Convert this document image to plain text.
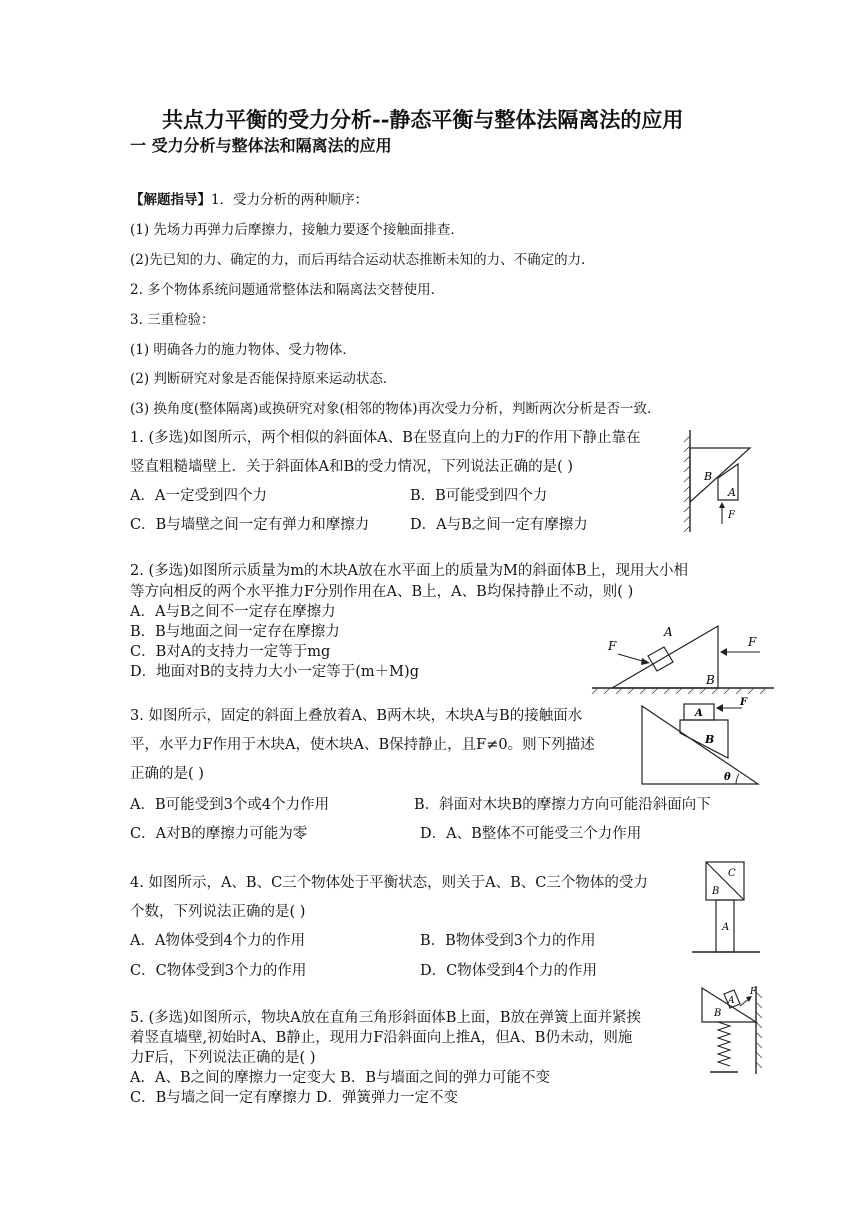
共点力平衡的受力分析--静态平衡与整体法隔离法的应用
一 受力分析与整体法和隔离法的应用
【解题指导】1．受力分析的两种顺序：
(1) 先场力再弹力后摩擦力，接触力要逐个接触面排查．
(2)先已知的力、确定的力，而后再结合运动状态推断未知的力、不确定的力．
2. 多个物体系统问题通常整体法和隔离法交替使用．
3. 三重检验：
(1) 明确各力的施力物体、受力物体．
(2) 判断研究对象是否能保持原来运动状态．
(3) 换角度(整体隔离)或换研究对象(相邻的物体)再次受力分析，判断两次分析是否一致．
1. (多选)如图所示，两个相似的斜面体A、B在竖直向上的力F的作用下静止靠在
竖直粗糙墙壁上．关于斜面体A和B的受力情况，下列说法正确的是( )
A．A一定受到四个力	B．B可能受到四个力
C．B与墙壁之间一定有弹力和摩擦力	D．A与B之间一定有摩擦力
B
A
F
2. (多选)如图所示质量为m的木块A放在水平面上的质量为M的斜面体B上，现用大小相
等方向相反的两个水平推力F分别作用在A、B上，A、B均保持静止不动，则( )
A．A与B之间不一定存在摩擦力
B．B与地面之间一定存在摩擦力
C．B对A的支持力一定等于mg
D．地面对B的支持力大小一定等于(m＋M)g
F
A
F
B
3. 如图所示，固定的斜面上叠放着A、B两木块，木块A与B的接触面水
平，水平力F作用于木块A，使木块A、B保持静止，且F≠0。则下列描述
正确的是( )
A．B可能受到3个或4个力作用	B．斜面对木块B的摩擦力方向可能沿斜面向下
C．A对B的摩擦力可能为零	D．A、B整体不可能受三个力作用
A
F
B
θ
4. 如图所示，A、B、C三个物体处于平衡状态，则关于A、B、C三个物体的受力
个数，下列说法正确的是( )
A．A物体受到4个力的作用	B．B物体受到3个力的作用
C．C物体受到3个力的作用	D．C物体受到4个力的作用
C
B
A
5. (多选)如图所示，物块A放在直角三角形斜面体B上面，B放在弹簧上面并紧挨
着竖直墙壁,初始时A、B静止，现用力F沿斜面向上推A，但A、B仍未动，则施
力F后，下列说法正确的是( )
A．A、B之间的摩擦力一定变大 B．B与墙面之间的弹力可能不变
C．B与墙之间一定有摩擦力 D．弹簧弹力一定不变
A
F
B
